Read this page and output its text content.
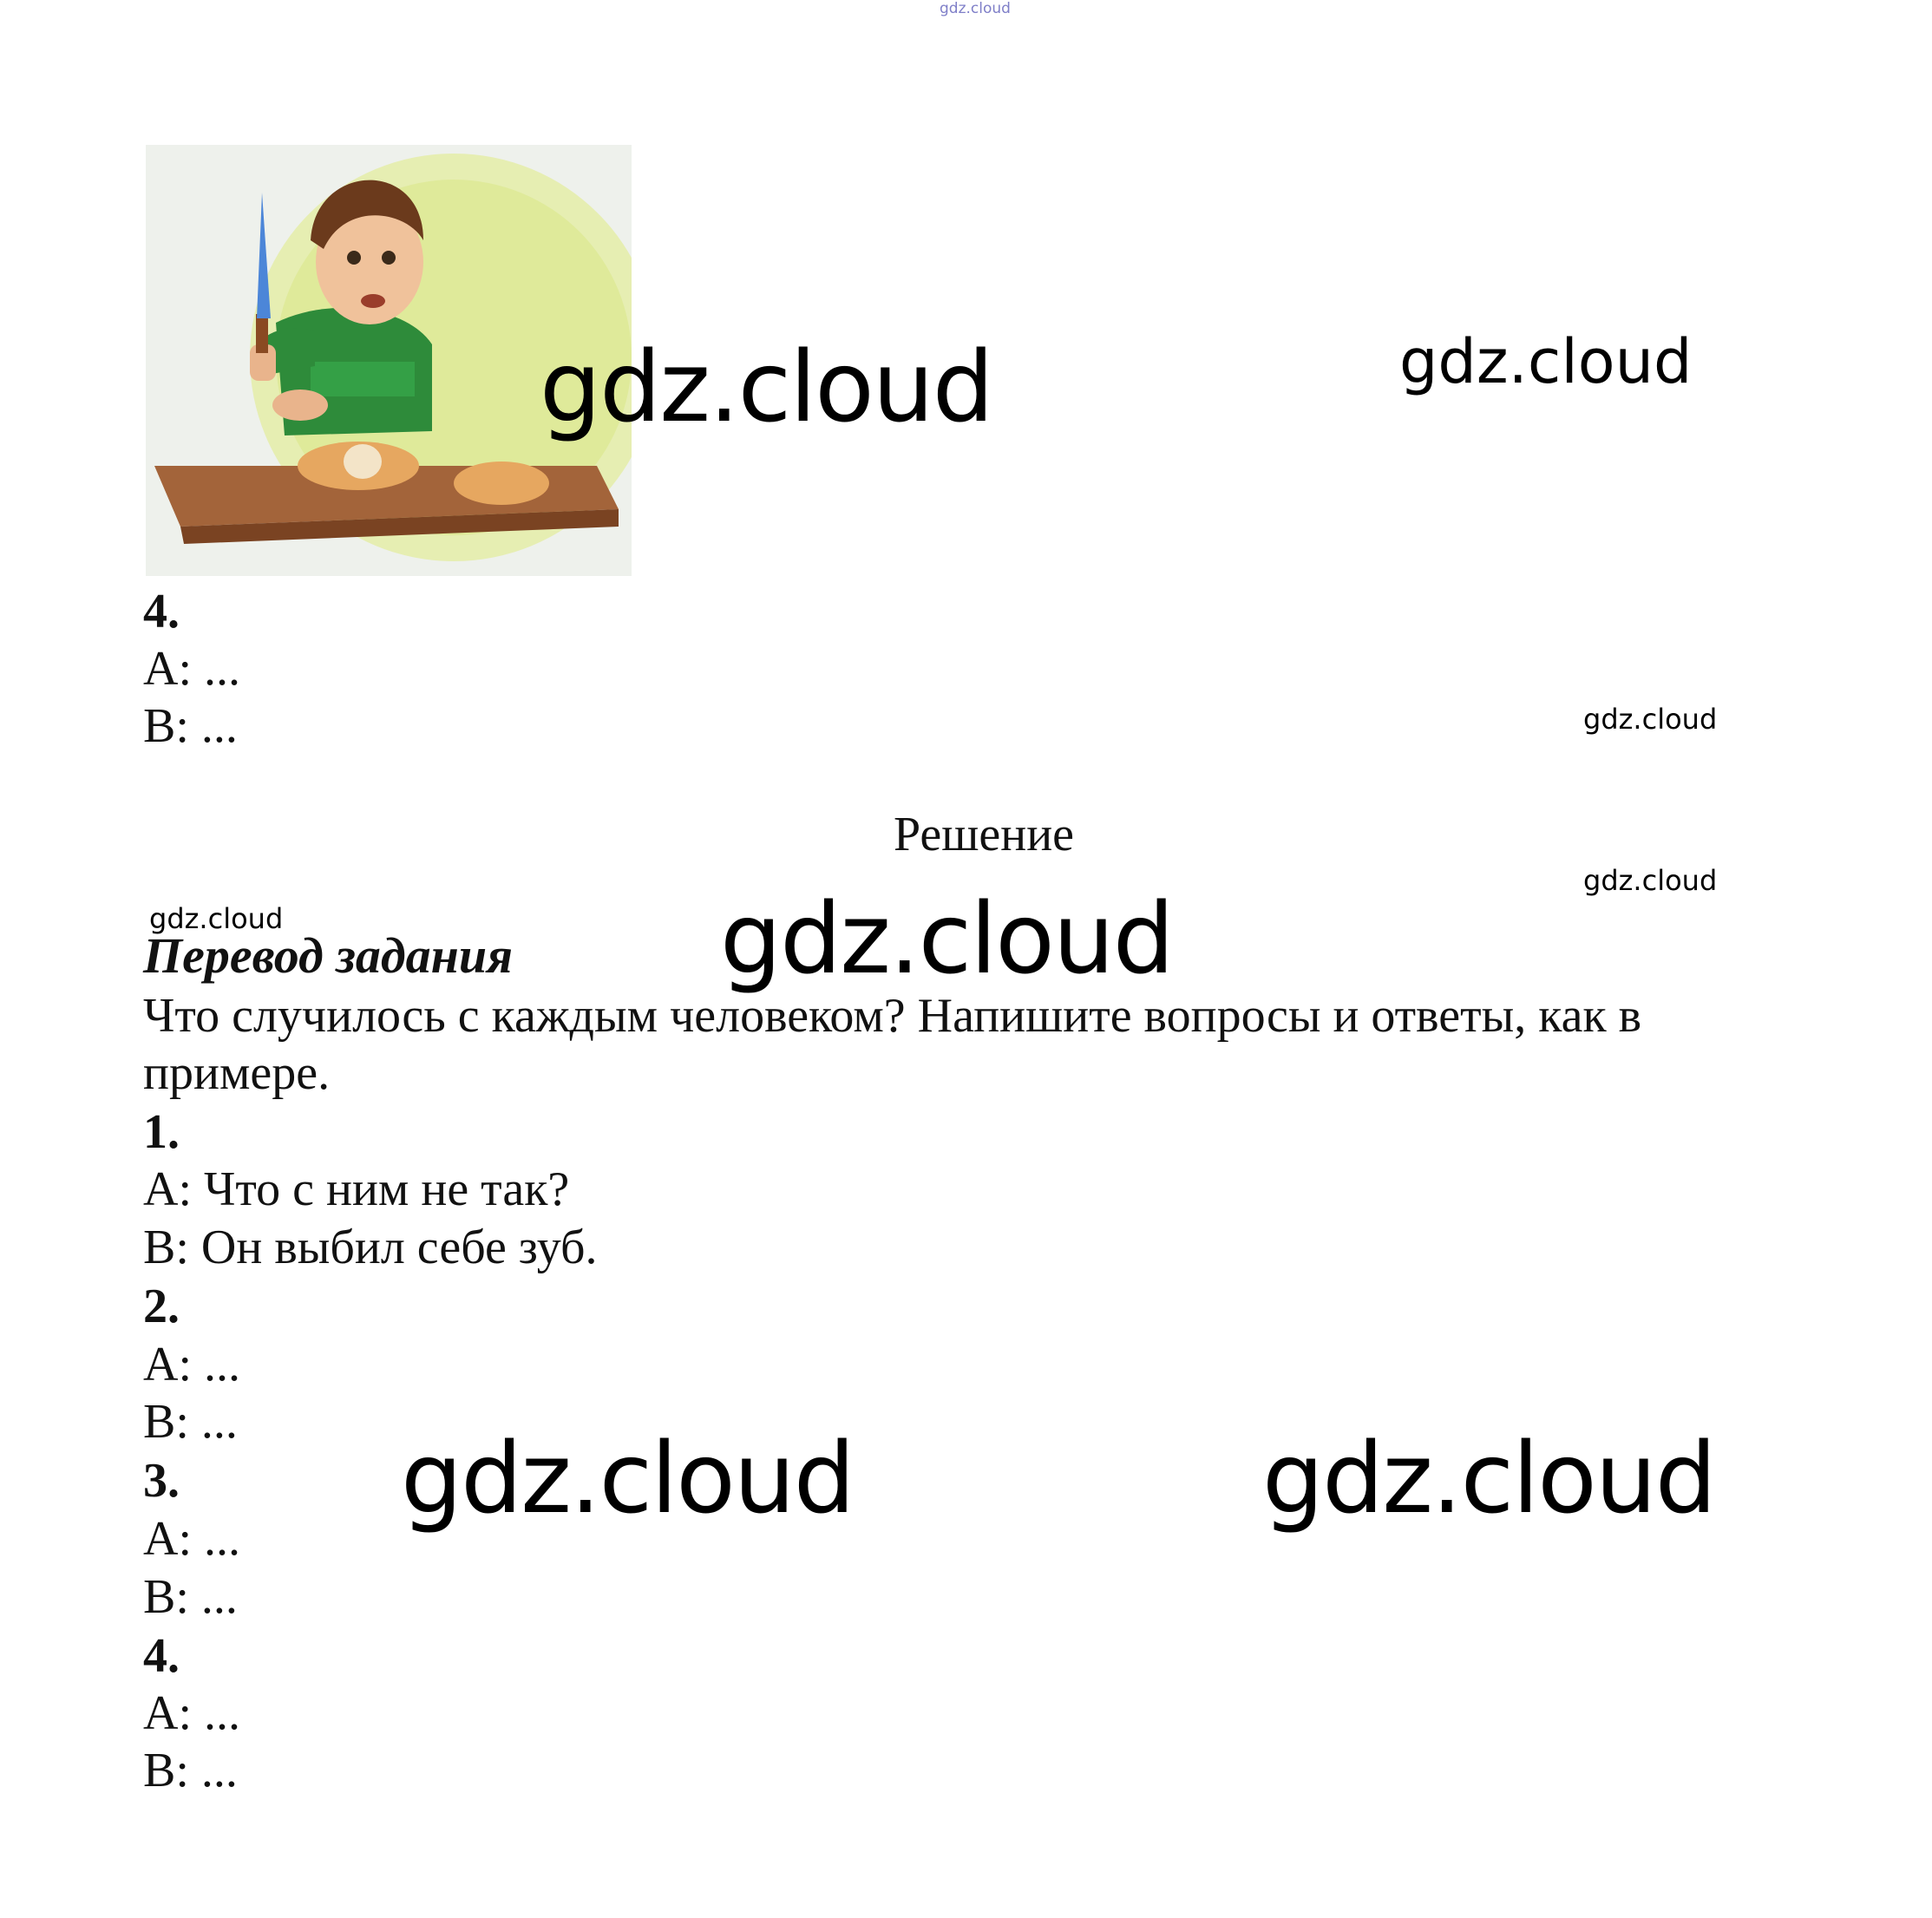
gdz.cloud
4.
A: ...
B: ...
Решение
Перевод задания
Что случилось с каждым человеком? Напишите вопросы и ответы, как в
примере.
1.
A: Что с ним не так?
B: Он выбил себе зуб.
2.
A: ...
B: ...
3.
A: ...
B: ...
4.
A: ...
B: ...
gdz.cloud	gdz.cloud
gdz.cloud
gdz.cloud
gdz.cloud	gdz.cloud
gdz.cloud	gdz.cloud
